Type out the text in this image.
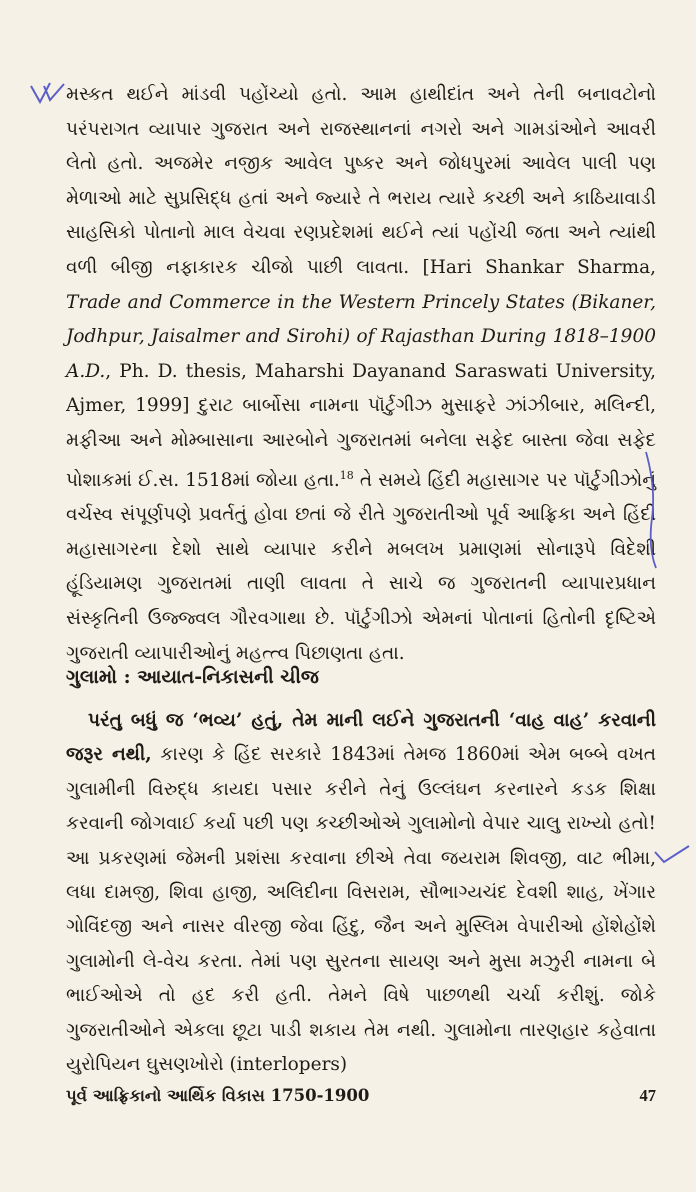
મસ્કત થઈને માંડવી પહોંચ્યો હતો. આમ હાથીદાંત અને તેની બનાવટોનો પરંપરાગત વ્યાપાર ગુજરાત અને રાજસ્થાનનાં નગરો અને ગામડાંઓને આવરી લેતો હતો. અજમેર નજીક આવેલ પુષ્કર અને જોધપુરમાં આવેલ પાલી પણ મેળાઓ માટે સુપ્રસિદ્ધ હતાં અને જ્યારે તે ભરાય ત્યારે કચ્છી અને કાઠિયાવાડી સાહસિકો પોતાનો માલ વેચવા રણપ્રદેશમાં થઈને ત્યાં પહોંચી જતા અને ત્યાંથી વળી બીજી નફાકારક ચીજો પાછી લાવતા. [Hari Shankar Sharma, Trade and Commerce in the Western Princely States (Bikaner, Jodhpur, Jaisalmer and Sirohi) of Rajasthan During 1818–1900 A.D., Ph. D. thesis, Maharshi Dayanand Saraswati University, Ajmer, 1999] દુરાટ બાર્બોસા નામના પૉર્ટુગીઝ મુસાફરે ઝાંઝીબાર, મલિન્દી, મફીઆ અને મોમ્બાસાના આરબોને ગુજરાતમાં બનેલા સફેદ બાસ્તા જેવા સફેદ પોશાકમાં ઈ.સ. 1518માં જોયા હતા.$^{18}$ તે સમયે હિંદી મહાસાગર પર પૉર્ટુગીઝોનું વર્ચસ્વ સંપૂર્ણપણે પ્રવર્તતું હોવા છતાં જે રીતે ગુજરાતીઓ પૂર્વ આફ્રિકા અને હિંદી મહાસાગરના દેશો સાથે વ્યાપાર કરીને મબલખ પ્રમાણમાં સોનારૂપે વિદેશી હૂંડિયામણ ગુજરાતમાં તાણી લાવતા તે સાચે જ ગુજરાતની વ્યાપારપ્રધાન સંસ્કૃતિની ઉજ્જ્વલ ગૌરવગાથા છે. પૉર્ટુગીઝો એમનાં પોતાનાં હિતોની દૃષ્ટિએ ગુજરાતી વ્યાપારીઓનું મહત્ત્વ પિછાણતા હતા.

ગુલામો : આયાત-નિકાસની ચીજ

પરંતુ બધું જ ‘ભવ્ય’ હતું, તેમ માની લઈને ગુજરાતની ‘વાહ વાહ’ કરવાની જરૂર નથી, કારણ કે હિંદ સરકારે 1843માં તેમજ 1860માં એમ બબ્બે વખત ગુલામીની વિરુદ્ધ કાયદા પસાર કરીને તેનું ઉલ્લંઘન કરનારને કડક શિક્ષા કરવાની જોગવાઈ કર્યા પછી પણ કચ્છીઓએ ગુલામોનો વેપાર ચાલુ રાખ્યો હતો! આ પ્રકરણમાં જેમની પ્રશંસા કરવાના છીએ તેવા જયરામ શિવજી, વાટ ભીમા, લધા દામજી, શિવા હાજી, અલિદીના વિસરામ, સૌભાગ્યચંદ દેવશી શાહ, ખેંગાર ગોવિંદજી અને નાસર વીરજી જેવા હિંદુ, જૈન અને મુસ્લિમ વેપારીઓ હોંશેહોંશે ગુલામોની લે-વેચ કરતા. તેમાં પણ સુરતના સાયણ અને મુસા મઝુરી નામના બે ભાઈઓએ તો હદ કરી હતી. તેમને વિષે પાછળથી ચર્ચા કરીશું. જોકે ગુજરાતીઓને એકલા છૂટા પાડી શકાય તેમ નથી. ગુલામોના તારણહાર કહેવાતા યુરોપિયન ઘુસણખોરો (interlopers)

પૂર્વ આફ્રિકાનો આર્થિક વિકાસ 1750-1900	47
